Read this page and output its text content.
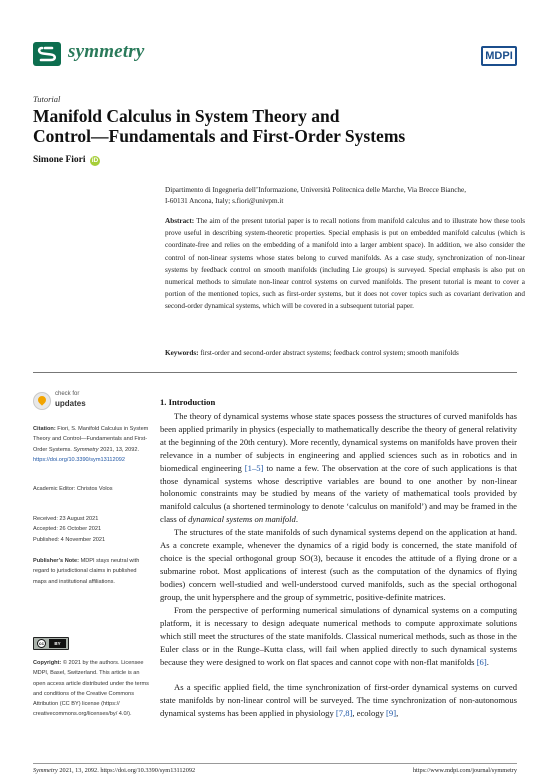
symmetry	MDPI
Tutorial
Manifold Calculus in System Theory and
Control—Fundamentals and First-Order Systems
Simone Fiori iD
Dipartimento di Ingegneria dell’Informazione, Università Politecnica delle Marche, Via Brecce Bianche,
I-60131 Ancona, Italy; s.fiori@univpm.it
Abstract: The aim of the present tutorial paper is to recall notions from manifold calculus and to illustrate how these tools prove useful in describing system-theoretic properties. Special emphasis is put on embedded manifold calculus (which is coordinate-free and relies on the embedding of a manifold into a larger ambient space). In addition, we also consider the control of non-linear systems whose states belong to curved manifolds. As a case study, synchronization of non-linear systems by feedback control on smooth manifolds (including Lie groups) is surveyed. Special emphasis is also put on numerical methods to simulate non-linear control systems on curved manifolds. The present tutorial is meant to cover a portion of the mentioned topics, such as first-order systems, but it does not cover topics such as covariant derivation and second-order dynamical systems, which will be covered in a subsequent tutorial paper.
Keywords: first-order and second-order abstract systems; feedback control system; smooth manifolds
check for
updates
Citation: Fiori, S. Manifold Calculus in System Theory and Control—Fundamentals and First-Order Systems. Symmetry 2021, 13, 2092. https://doi.org/10.3390/sym13112092
Academic Editor: Christos Volos
Received: 23 August 2021
Accepted: 26 October 2021
Published: 4 November 2021
Publisher’s Note: MDPI stays neutral with regard to jurisdictional claims in published maps and institutional affiliations.
cc	BY
Copyright: © 2021 by the authors. Licensee MDPI, Basel, Switzerland. This article is an open access article distributed under the terms and conditions of the Creative Commons Attribution (CC BY) license (https:// creativecommons.org/licenses/by/ 4.0/).
1. Introduction
The theory of dynamical systems whose state spaces possess the structures of curved manifolds has been applied primarily in physics (especially to mathematically describe the theory of general relativity at the beginning of the 20th century). More recently, dynamical systems on manifolds have proven their relevance in a number of subjects in engineering and applied sciences such as in robotics and in biomedical engineering [1–5] to name a few. The observation at the core of such applications is that those dynamical systems whose descriptive variables are bound to one another by non-linear holonomic constraints may be studied by means of the variety of mathematical tools provided by manifold calculus (a shortened terminology to denote ‘calculus on manifold’) and may be framed in the class of dynamical systems on manifold.
The structures of the state manifolds of such dynamical systems depend on the application at hand. As a concrete example, whenever the dynamics of a rigid body is concerned, the state manifold of choice is the special orthogonal group SO(3), because it encodes the attitude of a flying drone or a submarine robot. Most applications of interest (such as the computation of the dynamics of flying bodies) concern well-studied and well-understood curved manifolds, such as the special orthogonal group, the unit hypersphere and the group of symmetric, positive-definite matrices.
From the perspective of performing numerical simulations of dynamical systems on a computing platform, it is necessary to design adequate numerical methods to compute approximate solutions which still meet the structures of the state manifolds. Classical numerical methods, such as those in the Euler class or in the Runge–Kutta class, will fail when applied directly to such dynamical systems because they were designed to work on flat spaces and cannot cope with non-flat manifolds [6].
As a specific applied field, the time synchronization of first-order dynamical systems on curved state manifolds by non-linear control will be surveyed. The time synchronization of non-autonomous dynamical systems has been applied in physiology [7,8], ecology [9],
Symmetry 2021, 13, 2092. https://doi.org/10.3390/sym13112092	https://www.mdpi.com/journal/symmetry
